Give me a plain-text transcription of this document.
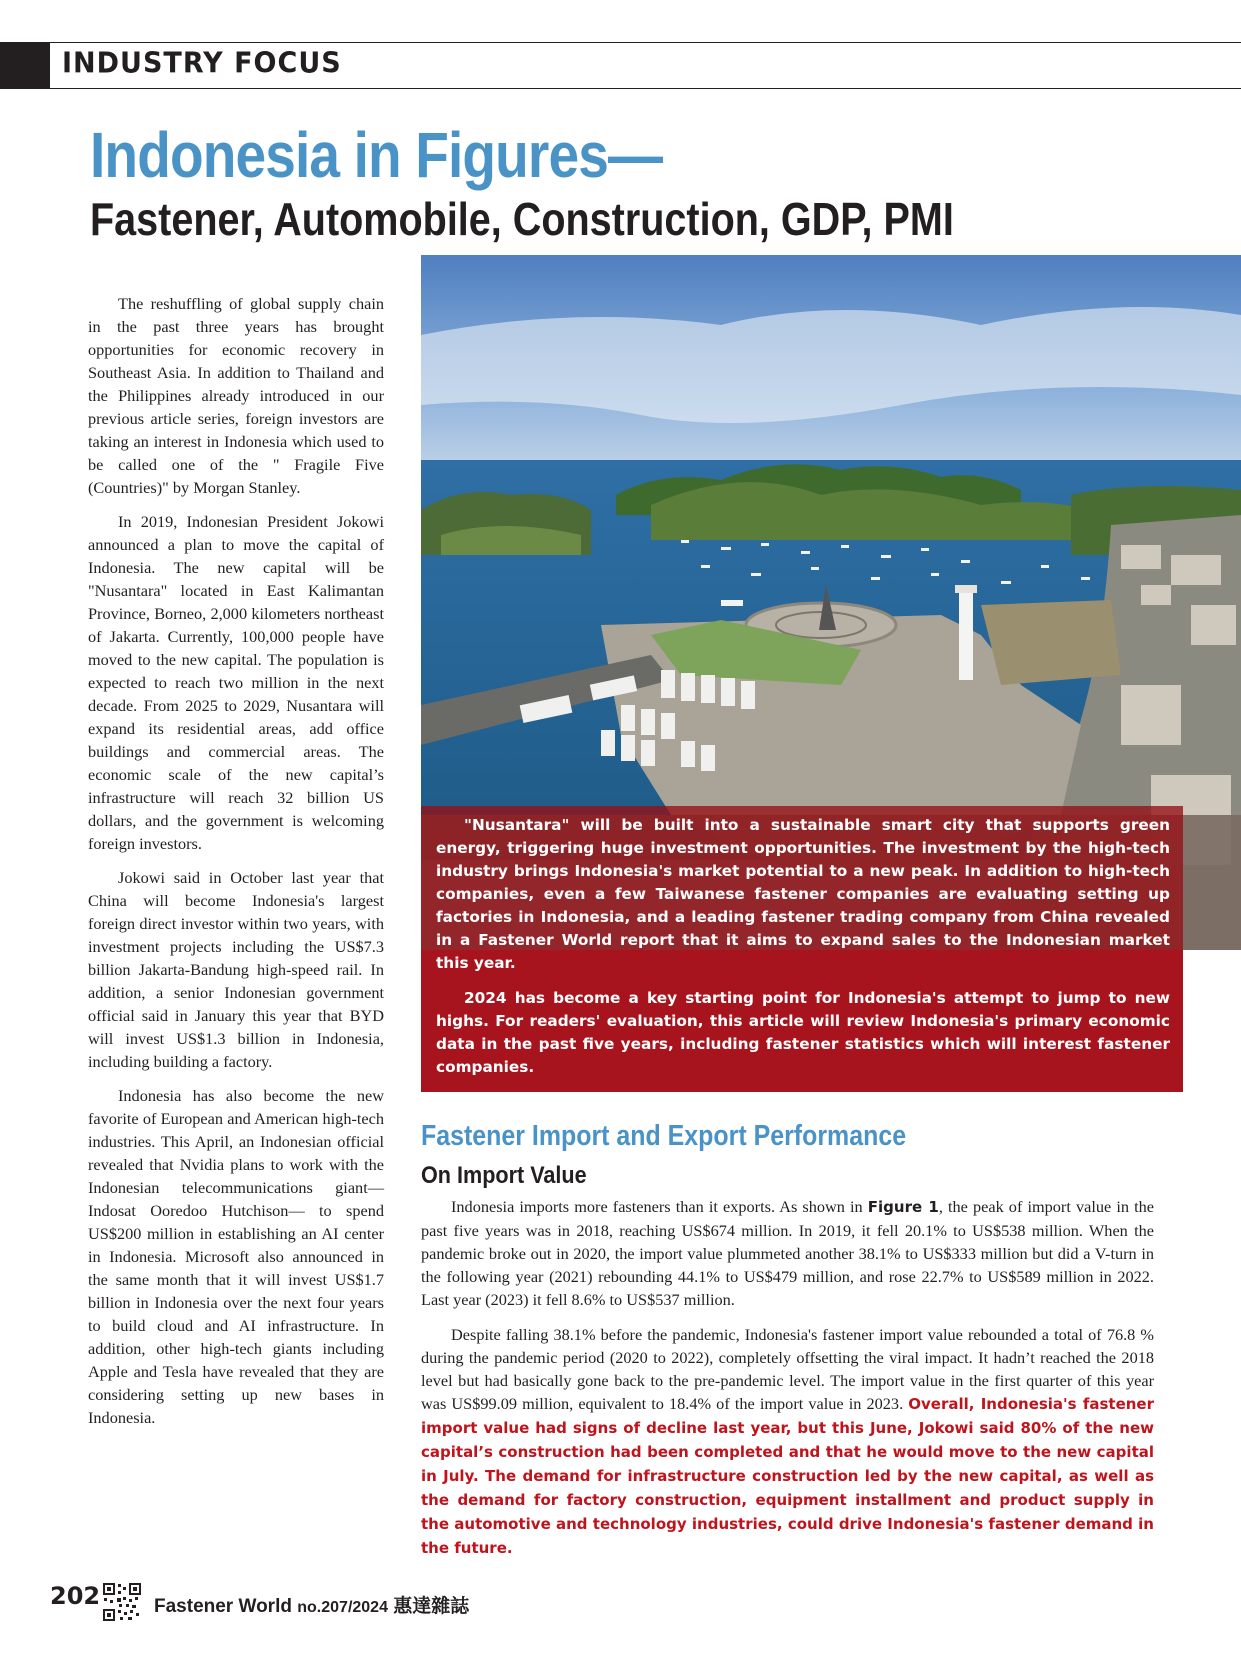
INDUSTRY FOCUS
Indonesia in Figures—
Fastener, Automobile, Construction, GDP, PMI

The reshuffling of global supply chain in the past three years has brought opportunities for economic recovery in Southeast Asia. In addition to Thailand and the Philippines already introduced in our previous article series, foreign investors are taking an interest in Indonesia which used to be called one of the " Fragile Five (Countries)" by Morgan Stanley.

In 2019, Indonesian President Jokowi announced a plan to move the capital of Indonesia. The new capital will be "Nusantara" located in East Kalimantan Province, Borneo, 2,000 kilometers northeast of Jakarta. Currently, 100,000 people have moved to the new capital. The population is expected to reach two million in the next decade. From 2025 to 2029, Nusantara will expand its residential areas, add office buildings and commercial areas. The economic scale of the new capital’s infrastructure will reach 32 billion US dollars, and the government is welcoming foreign investors.

Jokowi said in October last year that China will become Indonesia's largest foreign direct investor within two years, with investment projects including the US$7.3 billion Jakarta-Bandung high-speed rail. In addition, a senior Indonesian government official said in January this year that BYD will invest US$1.3 billion in Indonesia, including building a factory.

Indonesia has also become the new favorite of European and American high-tech industries. This April, an Indonesian official revealed that Nvidia plans to work with the Indonesian telecommunications giant— Indosat Ooredoo Hutchison— to spend US$200 million in establishing an AI center in Indonesia. Microsoft also announced in the same month that it will invest US$1.7 billion in Indonesia over the next four years to build cloud and AI infrastructure. In addition, other high-tech giants including Apple and Tesla have revealed that they are considering setting up new bases in Indonesia.

"Nusantara" will be built into a sustainable smart city that supports green energy, triggering huge investment opportunities. The investment by the high-tech industry brings Indonesia's market potential to a new peak. In addition to high-tech companies, even a few Taiwanese fastener companies are evaluating setting up factories in Indonesia, and a leading fastener trading company from China revealed in a Fastener World report that it aims to expand sales to the Indonesian market this year.

2024 has become a key starting point for Indonesia's attempt to jump to new highs. For readers' evaluation, this article will review Indonesia's primary economic data in the past five years, including fastener statistics which will interest fastener companies.

Fastener Import and Export Performance
On Import Value

Indonesia imports more fasteners than it exports. As shown in Figure 1, the peak of import value in the past five years was in 2018, reaching US$674 million. In 2019, it fell 20.1% to US$538 million. When the pandemic broke out in 2020, the import value plummeted another 38.1% to US$333 million but did a V-turn in the following year (2021) rebounding 44.1% to US$479 million, and rose 22.7% to US$589 million in 2022. Last year (2023) it fell 8.6% to US$537 million.

Despite falling 38.1% before the pandemic, Indonesia's fastener import value rebounded a total of 76.8 % during the pandemic period (2020 to 2022), completely offsetting the viral impact. It hadn’t reached the 2018 level but had basically gone back to the pre-pandemic level. The import value in the first quarter of this year was US$99.09 million, equivalent to 18.4% of the import value in 2023. Overall, Indonesia's fastener import value had signs of decline last year, but this June, Jokowi said 80% of the new capital’s construction had been completed and that he would move to the new capital in July. The demand for infrastructure construction led by the new capital, as well as the demand for factory construction, equipment installment and product supply in the automotive and technology industries, could drive Indonesia's fastener demand in the future.

202	Fastener World no.207/2024 惠達雜誌
